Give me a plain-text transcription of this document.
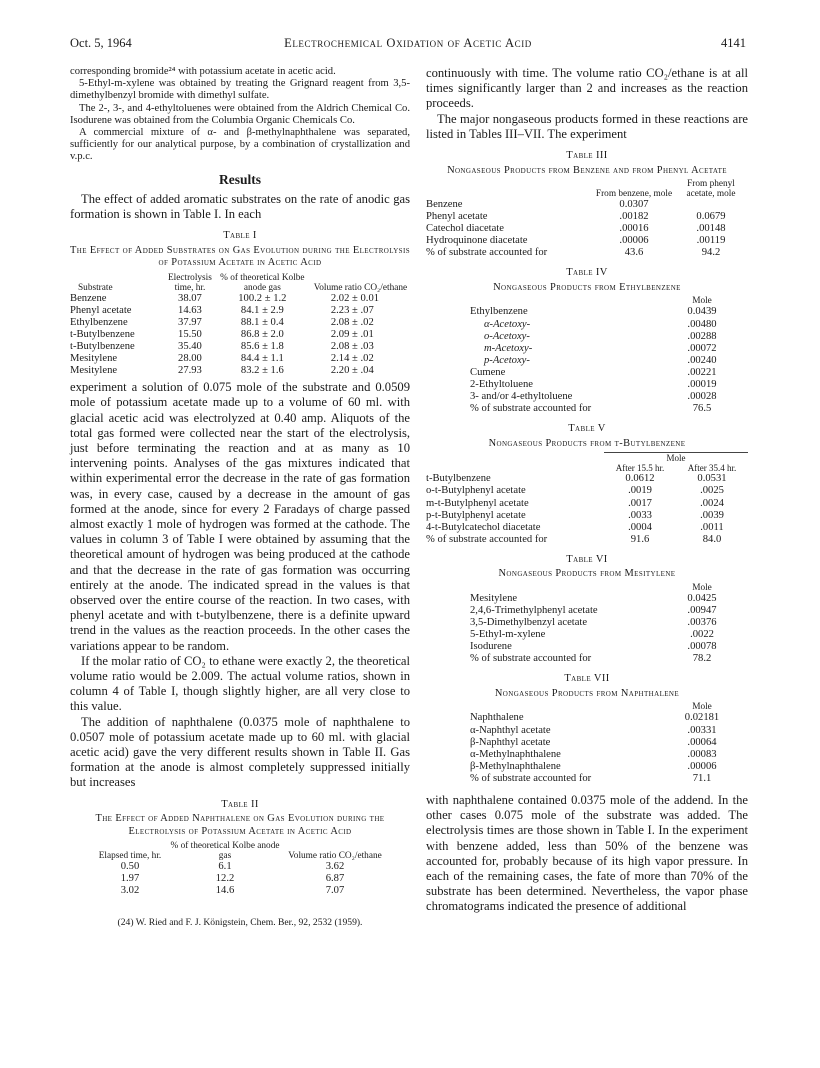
Oct. 5, 1964	Electrochemical Oxidation of Acetic Acid	4141

corresponding bromide²⁴ with potassium acetate in acetic acid.

5-Ethyl-m-xylene was obtained by treating the Grignard reagent from 3,5-dimethylbenzyl bromide with dimethyl sulfate.

The 2-, 3-, and 4-ethyltoluenes were obtained from the Aldrich Chemical Co. Isodurene was obtained from the Columbia Organic Chemicals Co.

A commercial mixture of α- and β-methylnaphthalene was separated, sufficiently for our analytical purpose, by a combination of crystallization and v.p.c.

Results

The effect of added aromatic substrates on the rate of anodic gas formation is shown in Table I. In each

Table I
The Effect of Added Substrates on Gas Evolution during the Electrolysis of Potassium Acetate in Acetic Acid
Substrate	Electrolysis time, hr.	% of theoretical Kolbe anode gas	Volume ratio CO₂/ethane
Benzene	38.07	100.2 ± 1.2	2.02 ± 0.01
Phenyl acetate	14.63	84.1 ± 2.9	2.23 ± .07
Ethylbenzene	37.97	88.1 ± 0.4	2.08 ± .02
t-Butylbenzene	15.50	86.8 ± 2.0	2.09 ± .01
t-Butylbenzene	35.40	85.6 ± 1.8	2.08 ± .03
Mesitylene	28.00	84.4 ± 1.1	2.14 ± .02
Mesitylene	27.93	83.2 ± 1.6	2.20 ± .04

experiment a solution of 0.075 mole of the substrate and 0.0509 mole of potassium acetate made up to a volume of 60 ml. with glacial acetic acid was electrolyzed at 0.40 amp. Aliquots of the total gas formed were collected near the start of the electrolysis, just before terminating the reaction and at as many as 10 intervening points. Analyses of the gas mixtures indicated that within experimental error the decrease in the rate of gas formation was, in every case, caused by a decrease in the amount of gas formed at the anode, since for every 2 Faradays of charge passed almost exactly 1 mole of hydrogen was formed at the cathode. The values in column 3 of Table I were obtained by assuming that the theoretical amount of hydrogen was being produced at the cathode and that the decrease in the rate of gas formation was occurring entirely at the anode. The indicated spread in the values is that observed over the entire course of the reaction. In two cases, with phenyl acetate and with t-butylbenzene, there is a definite upward trend in the values as the reaction proceeds. In the other cases the variations appear to be random.

If the molar ratio of CO₂ to ethane were exactly 2, the theoretical volume ratio would be 2.009. The actual volume ratios, shown in column 4 of Table I, though slightly higher, are all very close to this value.

The addition of naphthalene (0.0375 mole of naphthalene to 0.0507 mole of potassium acetate made up to 60 ml. with glacial acetic acid) gave the very different results shown in Table II. Gas formation at the anode is almost completely suppressed initially but increases

Table II
The Effect of Added Naphthalene on Gas Evolution during the Electrolysis of Potassium Acetate in Acetic Acid
Elapsed time, hr.	% of theoretical Kolbe anode gas	Volume ratio CO₂/ethane
0.50	6.1	3.62
1.97	12.2	6.87
3.02	14.6	7.07
(24) W. Ried and F. J. Königstein, Chem. Ber., 92, 2532 (1959).

continuously with time. The volume ratio CO₂/ethane is at all times significantly larger than 2 and increases as the reaction proceeds.

The major nongaseous products formed in these reactions are listed in Tables III–VII. The experiment

Table III
Nongaseous Products from Benzene and from Phenyl Acetate
	From benzene, mole	From phenyl acetate, mole
Benzene	0.0307	
Phenyl acetate	.00182	0.0679
Catechol diacetate	.00016	.00148
Hydroquinone diacetate	.00006	.00119
% of substrate accounted for	43.6	94.2
Table IV
Nongaseous Products from Ethylbenzene
	Mole
Ethylbenzene	0.0439
α-Acetoxy-	.00480
o-Acetoxy-	.00288
m-Acetoxy-	.00072
p-Acetoxy-	.00240
Cumene	.00221
2-Ethyltoluene	.00019
3- and/or 4-ethyltoluene	.00028
% of substrate accounted for	76.5
Table V
Nongaseous Products from t-Butylbenzene
	Mole	
	After 15.5 hr.	After 35.4 hr.
t-Butylbenzene	0.0612	0.0531
o-t-Butylphenyl acetate	.0019	.0025
m-t-Butylphenyl acetate	.0017	.0024
p-t-Butylphenyl acetate	.0033	.0039
4-t-Butylcatechol diacetate	.0004	.0011
% of substrate accounted for	91.6	84.0
Table VI
Nongaseous Products from Mesitylene
	Mole
Mesitylene	0.0425
2,4,6-Trimethylphenyl acetate	.00947
3,5-Dimethylbenzyl acetate	.00376
5-Ethyl-m-xylene	.0022
Isodurene	.00078
% of substrate accounted for	78.2
Table VII
Nongaseous Products from Naphthalene
	Mole
Naphthalene	0.02181
α-Naphthyl acetate	.00331
β-Naphthyl acetate	.00064
α-Methylnaphthalene	.00083
β-Methylnaphthalene	.00006
% of substrate accounted for	71.1

with naphthalene contained 0.0375 mole of the addend. In the other cases 0.075 mole of the substrate was added. The electrolysis times are those shown in Table I. In the experiment with benzene added, less than 50% of the benzene was accounted for, probably because of its high vapor pressure. In each of the remaining cases, the fate of more than 70% of the substrate has been determined. Nevertheless, the vapor phase chromatograms indicated the presence of additional
